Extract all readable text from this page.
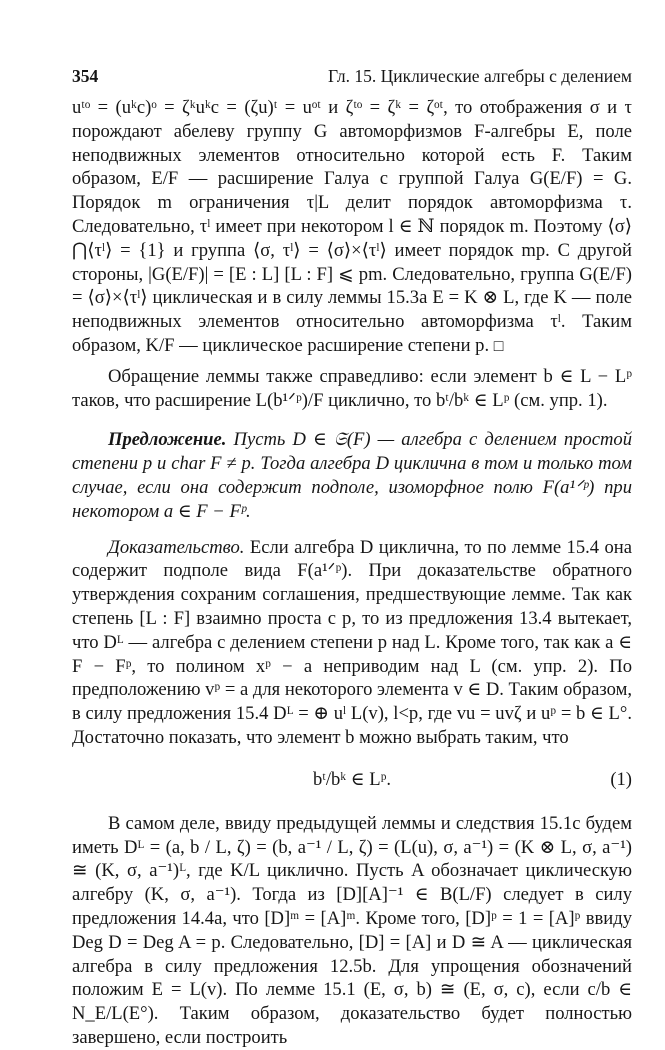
354	Гл. 15. Циклические алгебры с делением

uᵗᵒ = (uᵏc)ᵒ = ζᵏuᵏc = (ζu)ᵗ = uᵒᵗ и ζᵗᵒ = ζᵏ = ζᵒᵗ, то отображения σ и τ порождают абелеву группу G автоморфизмов F-алгебры E, поле неподвижных элементов относительно которой есть F. Таким образом, E/F — расширение Галуа с группой Галуа G(E/F) = G. Порядок m ограничения τ|L делит порядок автоморфизма τ. Следовательно, τˡ имеет при некотором l ∈ ℕ порядок m. Поэтому ⟨σ⟩⋂⟨τˡ⟩ = {1} и группа ⟨σ, τˡ⟩ = ⟨σ⟩×⟨τˡ⟩ имеет порядок mp. С другой стороны, |G(E/F)| = [E : L] [L : F] ⩽ pm. Следовательно, группа G(E/F) = ⟨σ⟩×⟨τˡ⟩ циклическая и в силу леммы 15.3a E = K ⊗ L, где K — поле неподвижных элементов относительно автоморфизма τˡ. Таким образом, K/F — циклическое расширение степени p. □

Обращение леммы также справедливо: если элемент b ∈ L − Lᵖ таков, что расширение L(b¹ᐟᵖ)/F циклично, то bᵗ/bᵏ ∈ Lᵖ (см. упр. 1).

Предложение. Пусть D ∈ 𝔖(F) — алгебра с делением простой степени p и char F ≠ p. Тогда алгебра D циклична в том и только том случае, если она содержит подполе, изоморфное полю F(a¹ᐟᵖ) при некотором a ∈ F − Fᵖ.

Доказательство. Если алгебра D циклична, то по лемме 15.4 она содержит подполе вида F(a¹ᐟᵖ). При доказательстве обратного утверждения сохраним соглашения, предшествующие лемме. Так как степень [L : F] взаимно проста с p, то из предложения 13.4 вытекает, что Dᴸ — алгебра с делением степени p над L. Кроме того, так как a ∈ F − Fᵖ, то полином xᵖ − a неприводим над L (см. упр. 2). По предположению vᵖ = a для некоторого элемента v ∈ D. Таким образом, в силу предложения 15.4 Dᴸ = ⊕ uˡ L(v), l<p, где vu = uvζ и uᵖ = b ∈ L°. Достаточно показать, что элемент b можно выбрать таким, что

bᵗ/bᵏ ∈ Lᵖ.	(1)

В самом деле, ввиду предыдущей леммы и следствия 15.1c будем иметь Dᴸ = (a, b / L, ζ) = (b, a⁻¹ / L, ζ) = (L(u), σ, a⁻¹) = (K ⊗ L, σ, a⁻¹) ≅ (K, σ, a⁻¹)ᴸ, где K/L циклично. Пусть A обозначает циклическую алгебру (K, σ, a⁻¹). Тогда из [D][A]⁻¹ ∈ B(L/F) следует в силу предложения 14.4a, что [D]ᵐ = [A]ᵐ. Кроме того, [D]ᵖ = 1 = [A]ᵖ ввиду Deg D = Deg A = p. Следовательно, [D] = [A] и D ≅ A — циклическая алгебра в силу предложения 12.5b. Для упрощения обозначений положим E = L(v). По лемме 15.1 (E, σ, b) ≅ (E, σ, c), если c/b ∈ N_E/L(E°). Таким образом, доказательство будет полностью завершено, если построить
